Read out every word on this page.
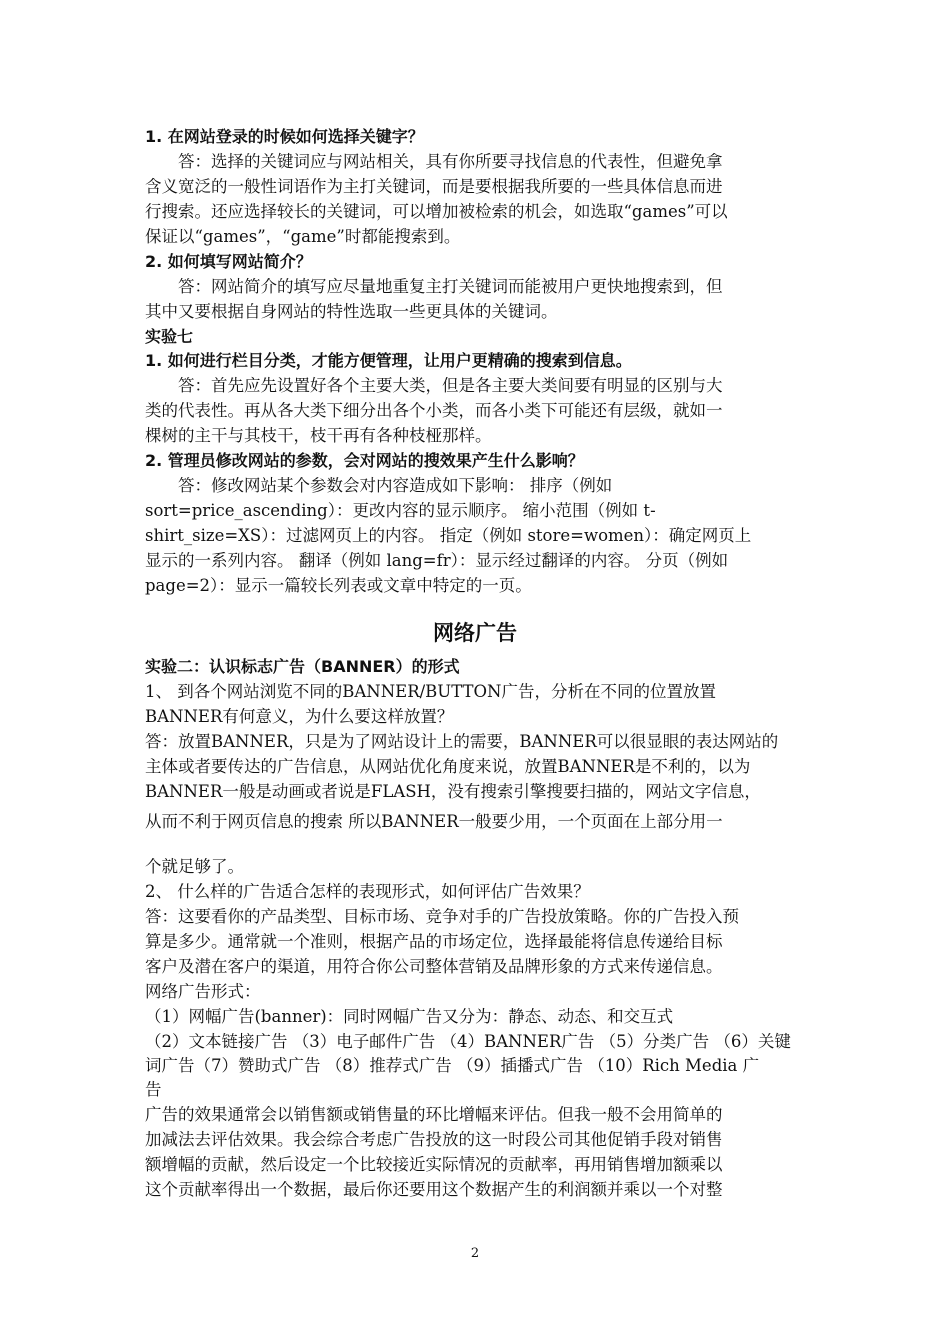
1. 在网站登录的时候如何选择关键字？
答：选择的关键词应与网站相关，具有你所要寻找信息的代表性，但避免拿
含义宽泛的一般性词语作为主打关键词，而是要根据我所要的一些具体信息而进
行搜索。还应选择较长的关键词，可以增加被检索的机会，如选取“games”可以
保证以“games”，“game”时都能搜索到。
2. 如何填写网站简介？
答：网站简介的填写应尽量地重复主打关键词而能被用户更快地搜索到，但
其中又要根据自身网站的特性选取一些更具体的关键词。
实验七
1. 如何进行栏目分类，才能方便管理，让用户更精确的搜索到信息。
答：首先应先设置好各个主要大类，但是各主要大类间要有明显的区别与大
类的代表性。再从各大类下细分出各个小类，而各小类下可能还有层级，就如一
棵树的主干与其枝干，枝干再有各种枝桠那样。
2. 管理员修改网站的参数，会对网站的搜效果产生什么影响？
答：修改网站某个参数会对内容造成如下影响： 排序（例如
sort=price_ascending）：更改内容的显示顺序。 缩小范围（例如 t-
shirt_size=XS）：过滤网页上的内容。 指定（例如 store=women）：确定网页上
显示的一系列内容。 翻译（例如 lang=fr）：显示经过翻译的内容。 分页（例如
page=2）：显示一篇较长列表或文章中特定的一页。
网络广告
实验二：认识标志广告（BANNER）的形式
1、 到各个网站浏览不同的BANNER/BUTTON广告，分析在不同的位置放置
BANNER有何意义，为什么要这样放置？
答：放置BANNER，只是为了网站设计上的需要，BANNER可以很显眼的表达网站的
主体或者要传达的广告信息，从网站优化角度来说，放置BANNER是不利的，以为
BANNER一般是动画或者说是FLASH，没有搜索引擎搜要扫描的，网站文字信息，
从而不利于网页信息的搜索 所以BANNER一般要少用，一个页面在上部分用一
个就足够了。
2、 什么样的广告适合怎样的表现形式，如何评估广告效果？
答：这要看你的产品类型、目标市场、竞争对手的广告投放策略。你的广告投入预
算是多少。通常就一个准则，根据产品的市场定位，选择最能将信息传递给目标
客户及潜在客户的渠道，用符合你公司整体营销及品牌形象的方式来传递信息。
网络广告形式：
（1）网幅广告(banner)：同时网幅广告又分为：静态、动态、和交互式
（2）文本链接广告 （3）电子邮件广告 （4）BANNER广告 （5）分类广告 （6）关键
词广告（7）赞助式广告 （8）推荐式广告 （9）插播式广告 （10）Rich Media 广
告
广告的效果通常会以销售额或销售量的环比增幅来评估。但我一般不会用简单的
加减法去评估效果。我会综合考虑广告投放的这一时段公司其他促销手段对销售
额增幅的贡献，然后设定一个比较接近实际情况的贡献率，再用销售增加额乘以
这个贡献率得出一个数据，最后你还要用这个数据产生的利润额并乘以一个对整
2
